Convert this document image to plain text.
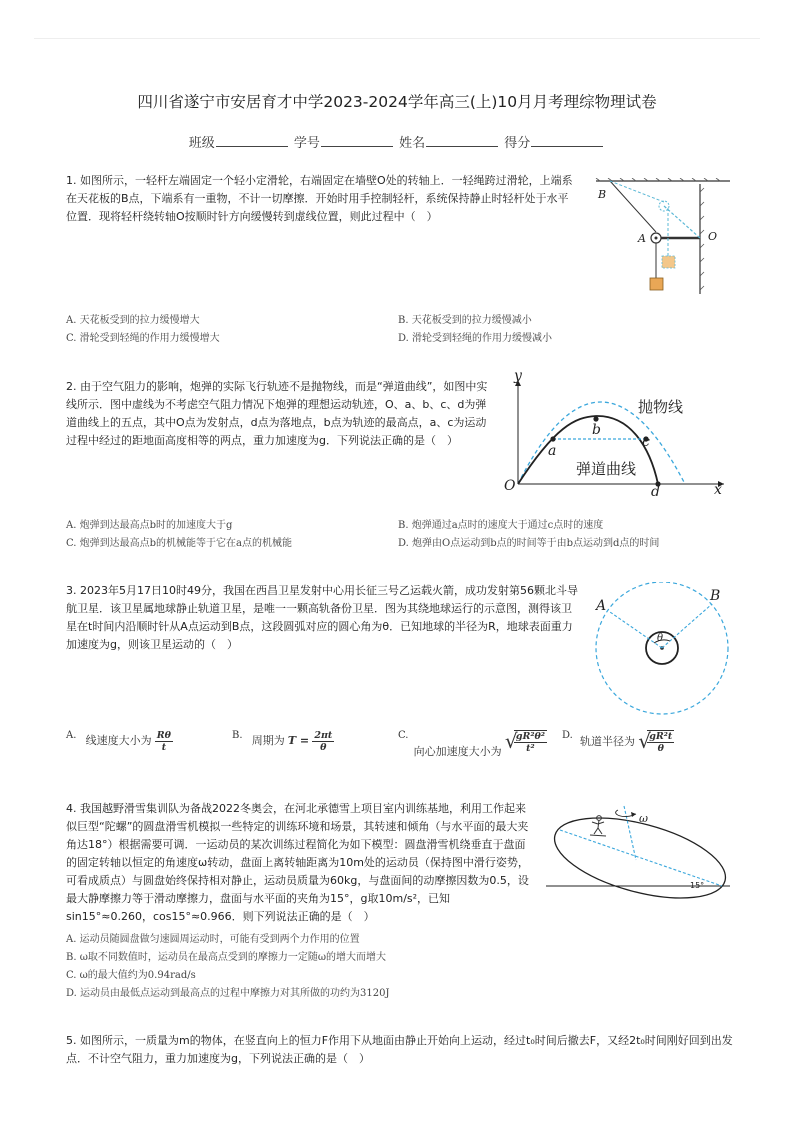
四川省遂宁市安居育才中学2023-2024学年高三(上)10月月考理综物理试卷
班级	学号	姓名	得分
1. 如图所示，一轻杆左端固定一个轻小定滑轮，右端固定在墙壁O处的转轴上．一轻绳跨过滑轮，上端系在天花板的B点，下端系有一重物，不计一切摩擦．开始时用手控制轻杆，系统保持静止时轻杆处于水平位置．现将轻杆绕转轴O按顺时针方向缓慢转到虚线位置，则此过程中（　）
B
A	O
A. 天花板受到的拉力缓慢增大	B. 天花板受到的拉力缓慢减小
C. 滑轮受到轻绳的作用力缓慢增大	D. 滑轮受到轻绳的作用力缓慢减小
2. 由于空气阻力的影响，炮弹的实际飞行轨迹不是抛物线，而是“弹道曲线”，如图中实线所示．图中虚线为不考虑空气阻力情况下炮弹的理想运动轨迹，O、a、b、c、d为弹道曲线上的五点，其中O点为发射点，d点为落地点，b点为轨迹的最高点，a、c为运动过程中经过的距地面高度相等的两点，重力加速度为g．下列说法正确的是（　）
y
x
O
a
b
c
d
抛物线
弹道曲线
A. 炮弹到达最高点b时的加速度大于g	B. 炮弹通过a点时的速度大于通过c点时的速度
C. 炮弹到达最高点b的机械能等于它在a点的机械能	D. 炮弹由O点运动到b点的时间等于由b点运动到d点的时间
3. 2023年5月17日10时49分，我国在西昌卫星发射中心用长征三号乙运载火箭，成功发射第56颗北斗导航卫星．该卫星属地球静止轨道卫星，是唯一一颗高轨备份卫星．图为其绕地球运行的示意图，测得该卫星在t时间内沿顺时针从A点运动到B点，这段圆弧对应的圆心角为θ．已知地球的半径为R，地球表面重力加速度为g，则该卫星运动的（　）
A
B
θ
A. 线速度大小为 $\frac{R\theta}{t}$	B. 周期为 $T = \frac{2\pi t}{\theta}$	C. 向心加速度大小为 √
$\frac{\text{gR²θ²}}{\text{t²}} D$. 轨道半径为 √
$\frac{\text{gR²t}}{\theta}$
4. 我国越野滑雪集训队为备战2022冬奥会，在河北承德雪上项目室内训练基地，利用工作起来似巨型“陀螺”的圆盘滑雪机模拟一些特定的训练环境和场景，其转速和倾角（与水平面的最大夹角达18°）根据需要可调．一运动员的某次训练过程简化为如下模型：圆盘滑雪机绕垂直于盘面的固定转轴以恒定的角速度ω转动，盘面上离转轴距离为10m处的运动员（保持图中滑行姿势，可看成质点）与圆盘始终保持相对静止，运动员质量为60kg，与盘面间的动摩擦因数为0.5，设最大静摩擦力等于滑动摩擦力，盘面与水平面的夹角为15°，g取10m/s²，已知sin15°≈0.260，cos15°≈0.966．则下列说法正确的是（　）
ω
15°
A. 运动员随圆盘做匀速圆周运动时，可能有受到两个力作用的位置
B. ω取不同数值时，运动员在最高点受到的摩擦力一定随ω的增大而增大
C. ω的最大值约为0.94rad/s
D. 运动员由最低点运动到最高点的过程中摩擦力对其所做的功约为3120J
5. 如图所示，一质量为m的物体，在竖直向上的恒力F作用下从地面由静止开始向上运动，经过t₀时间后撤去F，又经2t₀时间刚好回到出发点．不计空气阻力，重力加速度为g，下列说法正确的是（　）
